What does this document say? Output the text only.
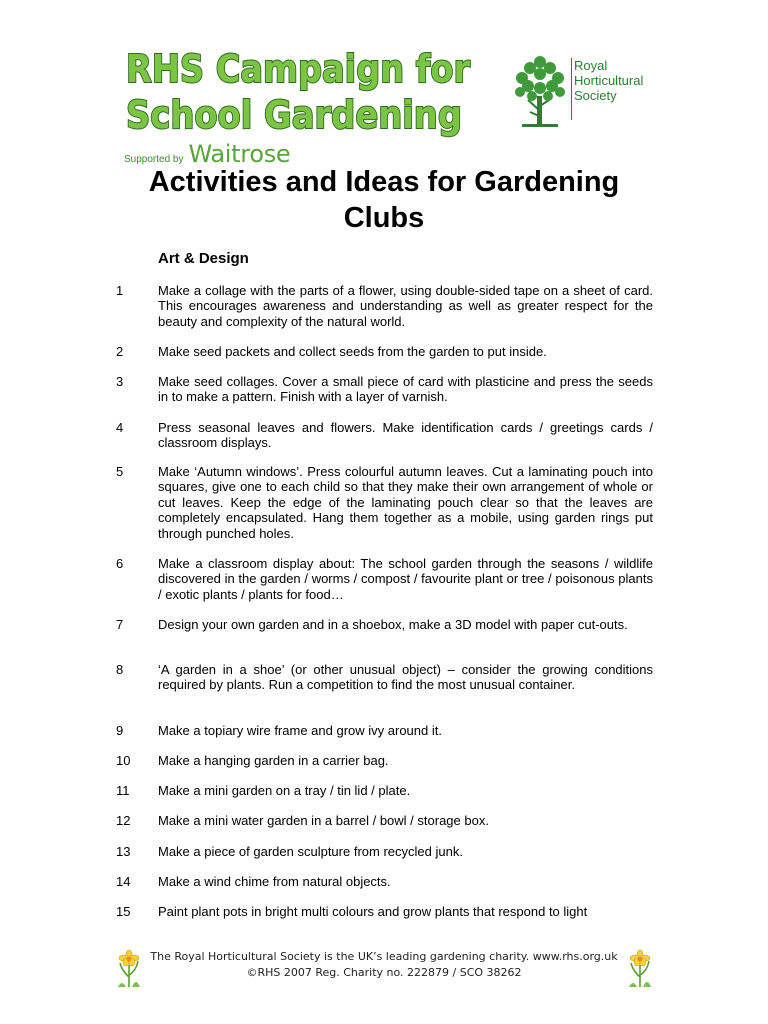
RHS Campaign for
School Gardening
Supported by Waitrose
Royal
Horticultural
Society
Activities and Ideas for Gardening
Clubs
Art & Design
1	Make a collage with the parts of a flower, using double-sided tape on a sheet of card. This encourages awareness and understanding as well as greater respect for the beauty and complexity of the natural world.
2	Make seed packets and collect seeds from the garden to put inside.
3	Make seed collages. Cover a small piece of card with plasticine and press the seeds in to make a pattern. Finish with a layer of varnish.
4	Press seasonal leaves and flowers. Make identification cards / greetings cards / classroom displays.
5	Make ‘Autumn windows’. Press colourful autumn leaves. Cut a laminating pouch into squares, give one to each child so that they make their own arrangement of whole or cut leaves. Keep the edge of the laminating pouch clear so that the leaves are completely encapsulated. Hang them together as a mobile, using garden rings put through punched holes.
6	Make a classroom display about: The school garden through the seasons / wildlife discovered in the garden / worms / compost / favourite plant or tree / poisonous plants / exotic plants / plants for food…
7	Design your own garden and in a shoebox, make a 3D model with paper cut-outs.
8	‘A garden in a shoe’ (or other unusual object) – consider the growing conditions required by plants. Run a competition to find the most unusual container.
9	Make a topiary wire frame and grow ivy around it.
10 Make a hanging garden in a carrier bag.
11 Make a mini garden on a tray / tin lid / plate.
12 Make a mini water garden in a barrel / bowl / storage box.
13 Make a piece of garden sculpture from recycled junk.
14 Make a wind chime from natural objects.
15 Paint plant pots in bright multi colours and grow plants that respond to light
The Royal Horticultural Society is the UK’s leading gardening charity. www.rhs.org.uk
©RHS 2007 Reg. Charity no. 222879 / SCO 38262
